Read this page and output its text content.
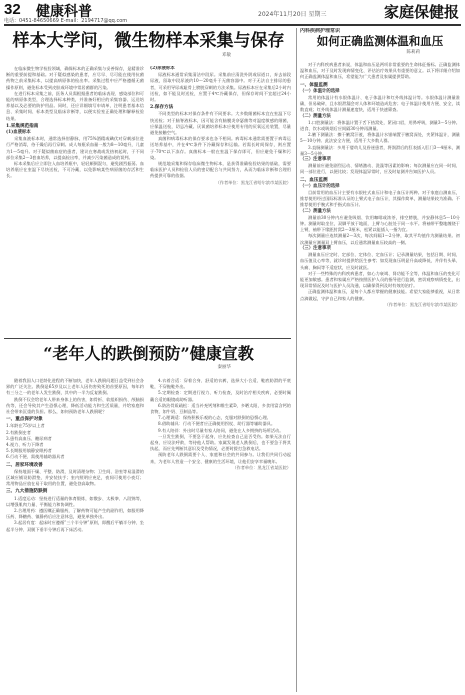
32 健康科普	2024年11月20日 星期三	家庭保健报
电话：0451-84650669 E-mail：2194717@qq.com
样本大学问，微生物样本采集与保存
邓敏

在临床微生物学检验领域，确保标本的正确采集与妥善保存，是精准诊断的重要前提和基础。对于疑似感染的患者，应尽早、尽可能在使用抗菌药物之前采集标本，以提高病原体的检出率。采集过程中应严格遵循无菌操作原则，避免标本受到皮肤或环境中常居菌群的污染。

在进行标本采集之前，医务人员需根据患者的临床表现、感染部位和可能的病原体类型，合理选择标本种类，并准备好相应的采集容器、运送培养基以及必要的防护用品。同时，还应详细填写申请单，注明患者基本信息、采集时间、标本类型及临床诊断等，以便实验室正确处理和解释检验结果。

1.采集规范指南
(1)血液标本

采集血液标本时，通常选择肘静脉，用75%酒精或碘伏对穿刺部位进行严格消毒，待干燥后再行穿刺。成人每瓶采血量一般为8～10毫升，儿童为1～5毫升。对于疑似菌血症的患者，建议在寒战或发热初起时，于不同部位采集2～3套血培养，以提高检出率，并减少污染菌造成的误判。

标本采集后应立即注入血培养瓶中，轻轻颠倒混匀，避免剧烈振荡。血培养瓶应在室温下尽快送检，不可冷藏，以免影响某些病原菌的存活和生长。

(2)尿液标本

尿液标本通常采集清洁中段尿。采集前应清洗外阴或尿道口，弃去前段尿液，留取中段尿液约10～20毫升于无菌容器中。对于无法自主排尿的患者，可采用导尿或耻骨上膀胱穿刺的方法采集。尿液标本应在采集后2小时内送检，如不能及时送检，应置于4℃冷藏保存，但保存时间不宜超过24小时。

2.保存方法

不同类型的标本对保存条件有不同要求。大多数细菌标本宜在室温下尽快送检；对于脑脊液标本，因可能含有脑膜炎奈瑟菌等对温度敏感的细菌，应保温送检，切忌冷藏。厌氧菌培养标本应使用专用的厌氧运送装置，尽量避免接触空气。

真菌和病毒标本的保存要求也各不相同。病毒标本通常需要置于病毒运送培养基中，并在4℃条件下冷藏保存和运输。若需长时间保存，则应置于-70℃以下冻存。真菌标本一般在室温下保存即可，但应避免干燥和污染。

规范地采集和保存临床微生物标本，是获得准确检验结果的基础，需要临床医护人员和检验人员的密切配合与共同努力，从而为临床诊断和合理用药提供可靠的依据。

（作者单位：黑龙江省哈尔滨市某医院）
“老年人的跌倒预防”健康宣教
秦丽华

随着我国人口老龄化进程的不断加快，老年人跌倒问题日益受到社会各界的广泛关注。跌倒是65岁及以上老年人因伤害致死的首要原因，每年约有三分之一的老年人发生跌倒，其中约一半为反复跌倒。

跌倒不仅会给老年人带来身体上的伤害，如骨折、软组织损伤、颅脑损伤等，还会导致其产生恐惧心理，降低活动能力和生活质量，并给家庭和社会带来沉重的负担。那么，如何预防老年人跌倒呢？

一、重点保护对象
1.年龄在75岁以上者
2.有跌倒史者
3.患有高血压、糖尿病者
4.视力、听力下降者
5.长期服用镇静安眠药者
6.行动不便、需使用辅助器具者
二、居家环境改善

保持地面干燥、平整、防滑，及时清理杂物；卫生间、浴室等易湿滑的区域应铺设防滑垫，并安装扶手；室内照明应充足，夜间可使用小夜灯；常用物品应放在易于取用的位置，避免登高取物。

三、九大措施防跌倒

1.适度运动：坚持进行适量的体育锻炼，如散步、太极拳、八段锦等，以增强肌肉力量、平衡能力和协调性。

2.合理用药：遵医嘱正确服药，了解药物可能产生的副作用，如服用降压药、降糖药、镇静药后应注意休息，避免单独外出。

3.起居有度：起床时应遵循“三个半分钟”原则，即醒后平躺半分钟、坐起半分钟、双腿下垂半分钟后再下床活动。

4.衣着合适：穿着合身、舒适的衣裤，选择大小合适、鞋底防滑的平底鞋，不穿拖鞋外出。

5.定期检查：定期进行视力、听力检查，及时治疗相关疾病，必要时佩戴合适的眼镜或助听器。

6.防治骨质疏松：适当补充钙剂和维生素D，多晒太阳，多食用富含钙的食物，如牛奶、豆制品等。

7.心理调适：保持积极乐观的心态，克服对跌倒的恐惧心理。

8.借助辅具：行动不便者应正确使用拐杖、助行器等辅助器具。

9.有人陪伴：外出时尽量有家人陪同，避免在人多拥挤的场所活动。

一旦发生跌倒，不要急于起身，应先检查自己是否受伤。如果无法自行起身，应设法呼救，等待他人帮助。家属发现老人跌倒后，也不要急于将其扶起，而应先判断其意识及受伤情况，必要时拨打急救电话。

预防老年人跌倒需要个人、家庭和社会的共同参与。让我们共同行动起来，为老年人营造一个安全、健康的生活环境，让他们安享幸福晚年。

（作者单位：黑龙江省某医院）
内科疾病护理常识
如何正确监测体温和血压
陈莉莉

对于内科疾病患者来说，体温和血压是两项非常重要的生命体征指标。正确监测体温和血压，对于及时发现病情变化、评估治疗效果具有重要的意义。以下将详细介绍如何正确监测体温和血压，希望能为广大患者及家属提供帮助。

一、体温监测
（一）体温计的选择

常用的体温计有水银体温计、电子体温计和红外线体温计等。水银体温计测量准确，但易破碎，且水银泄漏会对人体和环境造成危害；电子体温计使用方便、安全，读数直观；红外线体温计测量速度快，适用于快速筛查。

（二）测量方法

1.口腔测量法：将体温计置于舌下热窝处，紧闭口唇，用鼻呼吸，测量3～5分钟。进食、饮水或吸烟后应间隔30分钟再测量。

2.腋下测量法：擦干腋窝汗液，将体温计水银端置于腋窝深处，夹紧体温计，测量5～10分钟。此法安全方便，适用于大多数人群。

3.直肠测量法：多用于婴幼儿及昏迷患者，将润滑后的肛表插入肛门3～4厘米，测量3～5分钟。

（三）注意事项

测量前应避免剧烈运动、情绪激动、洗澡等因素的影响；每次测量应在同一时间、同一部位进行，以便比较；发现体温异常时，应及时复测并告知医护人员。

二、血压监测
（一）血压计的选择

目前常用的血压计主要有水银柱式血压计和电子血压计两种。对于家庭自测血压，推荐使用经过国际标准认证的上臂式电子血压计，其操作简单，测量结果较为准确。不推荐使用手腕式和手指式血压计。

（二）测量方法

测量前30分钟内应避免吸烟、饮用咖啡或浓茶，排空膀胱，并安静休息5～10分钟。测量时取坐位，双脚平放于地面，上臂与心脏处于同一水平。将袖带平整地缠绕于上臂，袖带下缘距肘窝2～3厘米，松紧以能插入一指为宜。

每次测量应连续测量2～3次，每次间隔1～2分钟，取其平均值作为测量结果。初次测量应测量双上臂血压，以后通常测量血压较高的一侧。

（三）注意事项

测量血压应定时、定部位、定体位、定血压计；记录测量结果，包括日期、时间、血压值及心率等，就诊时提供给医生参考；如发现血压明显升高或降低，并伴有头晕、头痛、胸闷等不适症状，应及时就医。

对于一些特殊的内科疾病患者，如心力衰竭、肾功能不全等，体温和血压的变化可能更加敏感。患者和家属应严格按照医护人员的指导进行监测，密切观察病情变化，出现异常情况及时与医护人员沟通，以确保得到及时有效的治疗。

正确监测体温和血压，是每个人都应掌握的健康技能。希望大家能够重视，从日常点滴做起，守护自己和家人的健康。

（作者单位：黑龙江省哈尔滨市某医院）
